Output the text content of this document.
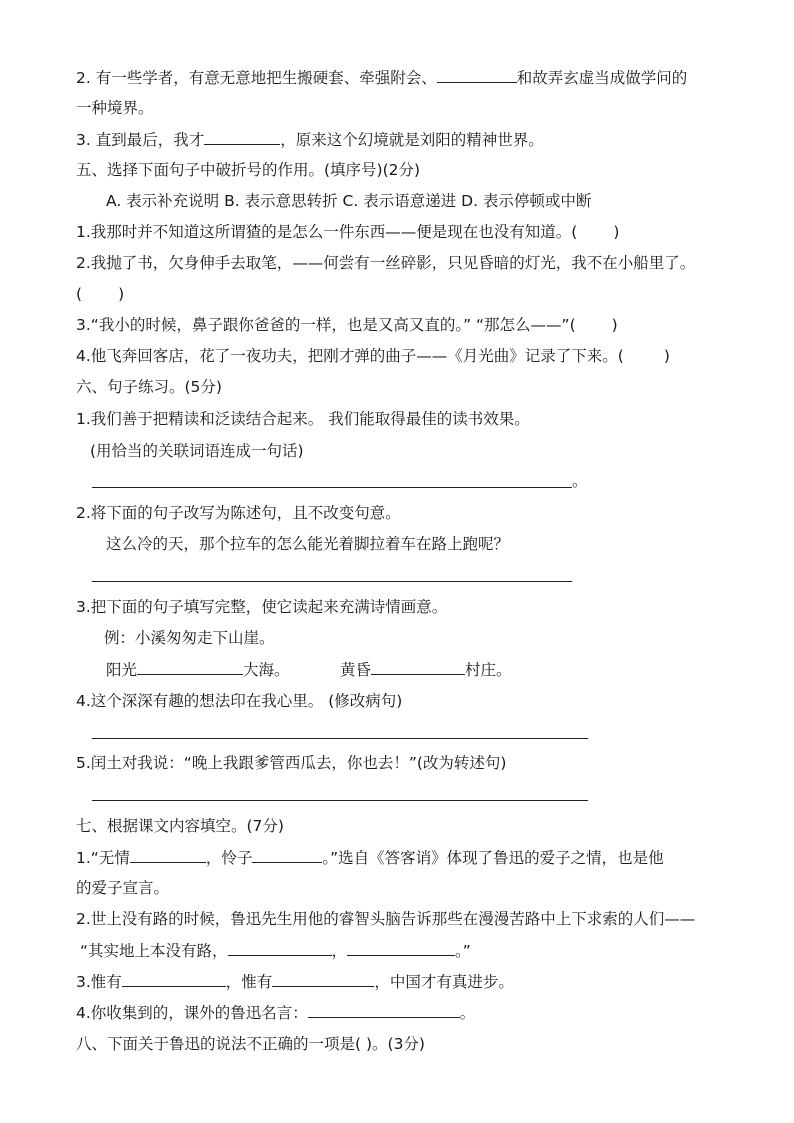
2. 有一些学者，有意无意地把生搬硬套、牵强附会、	和故弄玄虚当成做学问的
一种境界。
3. 直到最后，我才	，原来这个幻境就是刘阳的精神世界。
五、选择下面句子中破折号的作用。(填序号)(2分)
A. 表示补充说明 B. 表示意思转折 C. 表示语意递进 D. 表示停顿或中断
1.我那时并不知道这所谓猹的是怎么一件东西——便是现在也没有知道。( )
2.我抛了书，欠身伸手去取笔，——何尝有一丝碎影，只见昏暗的灯光，我不在小船里了。
( )
3.“我小的时候，鼻子跟你爸爸的一样，也是又高又直的。” “那怎么——”( )
4.他飞奔回客店，花了一夜功夫，把刚才弹的曲子——《月光曲》记录了下来。(	)
六、句子练习。(5分)
1.我们善于把精读和泛读结合起来。 我们能取得最佳的读书效果。
(用恰当的关联词语连成一句话)
。
2.将下面的句子改写为陈述句，且不改变句意。
这么冷的天，那个拉车的怎么能光着脚拉着车在路上跑呢？
3.把下面的句子填写完整，使它读起来充满诗情画意。
例：小溪匆匆走下山崖。
阳光	大海。	黄昏	村庄。
4.这个深深有趣的想法印在我心里。 (修改病句)
5.闰土对我说：“晚上我跟爹管西瓜去，你也去！”(改为转述句)
七、根据课文内容填空。(7分)
1.“无情	，怜子	。”选自《答客诮》体现了鲁迅的爱子之情，也是他
的爱子宣言。
2.世上没有路的时候，鲁迅先生用他的睿智头脑告诉那些在漫漫苦路中上下求索的人们——
“其实地上本没有路，	，	。”
3.惟有	，惟有	，中国才有真进步。
4.你收集到的，课外的鲁迅名言：	。
八、下面关于鲁迅的说法不正确的一项是( )。(3分)
